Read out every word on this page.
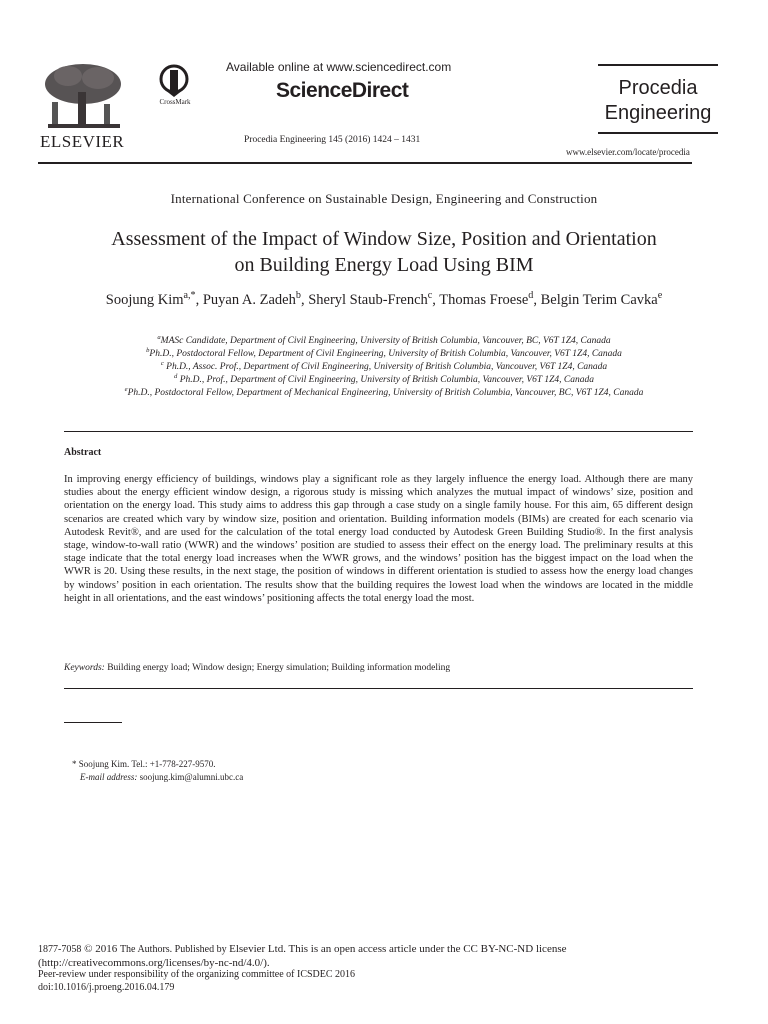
ELSEVIER
CrossMark
Available online at www.sciencedirect.com
ScienceDirect
Procedia Engineering 145 (2016) 1424 – 1431
Procedia
Engineering
www.elsevier.com/locate/procedia
International Conference on Sustainable Design, Engineering and Construction
Assessment of the Impact of Window Size, Position and Orientation
on Building Energy Load Using BIM
Soojung Kim$^{a,*}$, Puyan A. Zadeh$^b$, Sheryl Staub-French$^c$, Thomas Froese$^d$, Belgin Terim Cavka$^e$
$^a$MASc Candidate, Department of Civil Engineering, University of British Columbia, Vancouver, BC, V6T 1Z4, Canada
$^b$Ph.D., Postdoctoral Fellow, Department of Civil Engineering, University of British Columbia, Vancouver, V6T 1Z4, Canada
$^c$ Ph.D., Assoc. Prof., Department of Civil Engineering, University of British Columbia, Vancouver, V6T 1Z4, Canada
$^d$ Ph.D., Prof., Department of Civil Engineering, University of British Columbia, Vancouver, V6T 1Z4, Canada
$^e$Ph.D., Postdoctoral Fellow, Department of Mechanical Engineering, University of British Columbia, Vancouver, BC, V6T 1Z4, Canada
Abstract
In improving energy efficiency of buildings, windows play a significant role as they largely influence the energy load. Although there are many studies about the energy efficient window design, a rigorous study is missing which analyzes the mutual impact of windows’ size, position and orientation on the energy load. This study aims to address this gap through a case study on a single family house. For this aim, 65 different design scenarios are created which vary by window size, position and orientation. Building information models (BIMs) are created for each scenario via Autodesk Revit®, and are used for the calculation of the total energy load conducted by Autodesk Green Building Studio®. In the first analysis stage, window-to-wall ratio (WWR) and the windows’ position are studied to assess their effect on the energy load. The preliminary results at this stage indicate that the total energy load increases when the WWR grows, and the windows’ position has the biggest impact on the load when the WWR is 20. Using these results, in the next stage, the position of windows in different orientation is studied to assess how the energy load changes by windows’ position in each orientation. The results show that the building requires the lowest load when the windows are located in the middle height in all orientations, and the east windows’ positioning affects the total energy load the most.
Keywords: Building energy load; Window design; Energy simulation; Building information modeling
* Soojung Kim. Tel.: +1-778-227-9570.
E-mail address: soojung.kim@alumni.ubc.ca
1877-7058 © 2016 The Authors. Published by Elsevier Ltd. This is an open access article under the CC BY-NC-ND license
(http://creativecommons.org/licenses/by-nc-nd/4.0/).
Peer-review under responsibility of the organizing committee of ICSDEC 2016
doi:10.1016/j.proeng.2016.04.179
